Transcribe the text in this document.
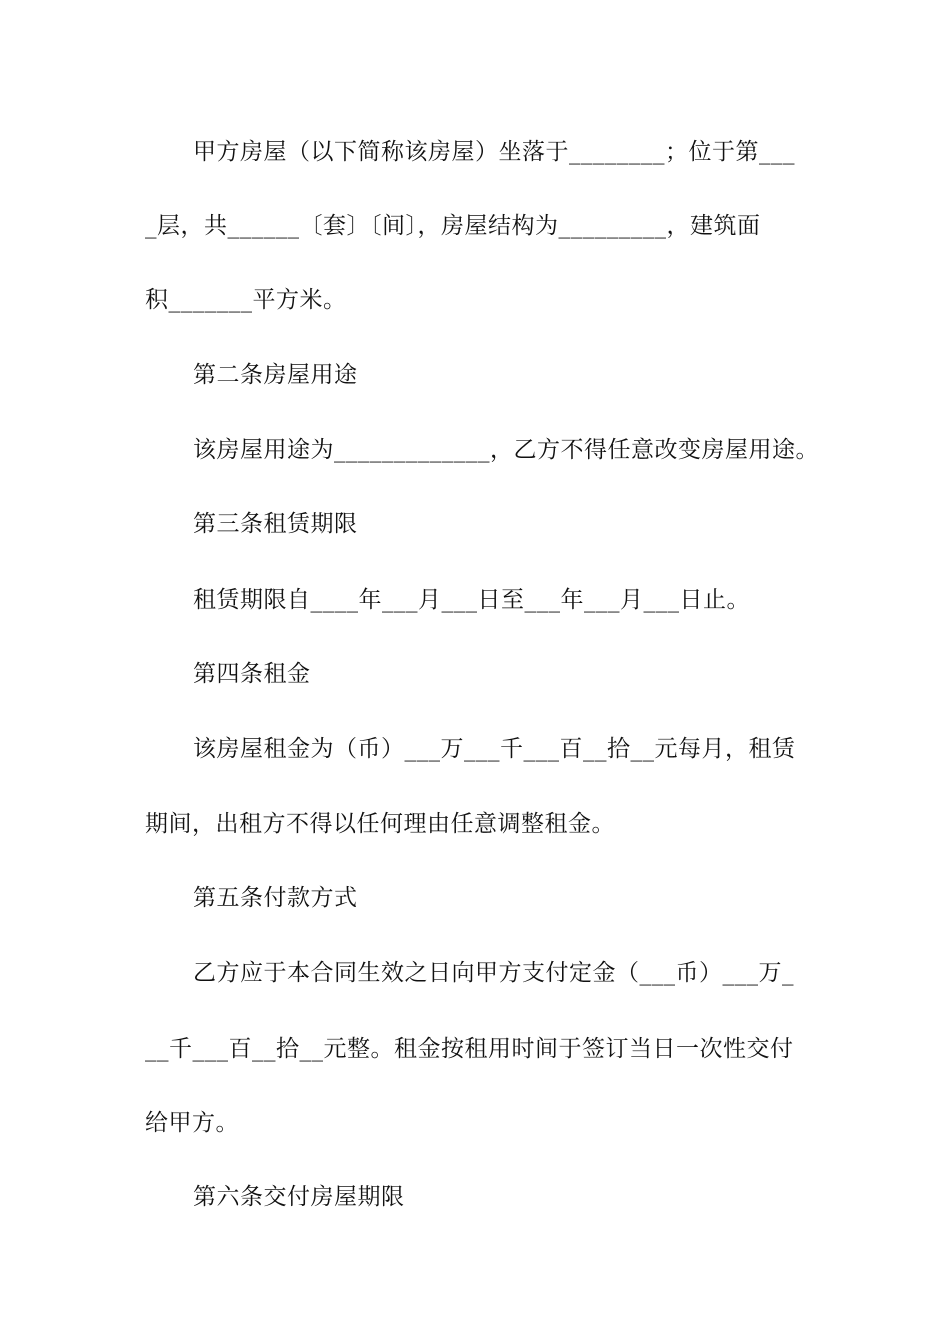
甲方房屋（以下简称该房屋）坐落于________；位于第___
_层，共______〔套〕〔间〕，房屋结构为_________，建筑面
积_______平方米。
第二条房屋用途
该房屋用途为_____________，乙方不得任意改变房屋用途。
第三条租赁期限
租赁期限自____年___月___日至___年___月___日止。
第四条租金
该房屋租金为（币）___万___千___百__拾__元每月，租赁
期间，出租方不得以任何理由任意调整租金。
第五条付款方式
乙方应于本合同生效之日向甲方支付定金（___币）___万_
__千___百__拾__元整。租金按租用时间于签订当日一次性交付
给甲方。
第六条交付房屋期限
